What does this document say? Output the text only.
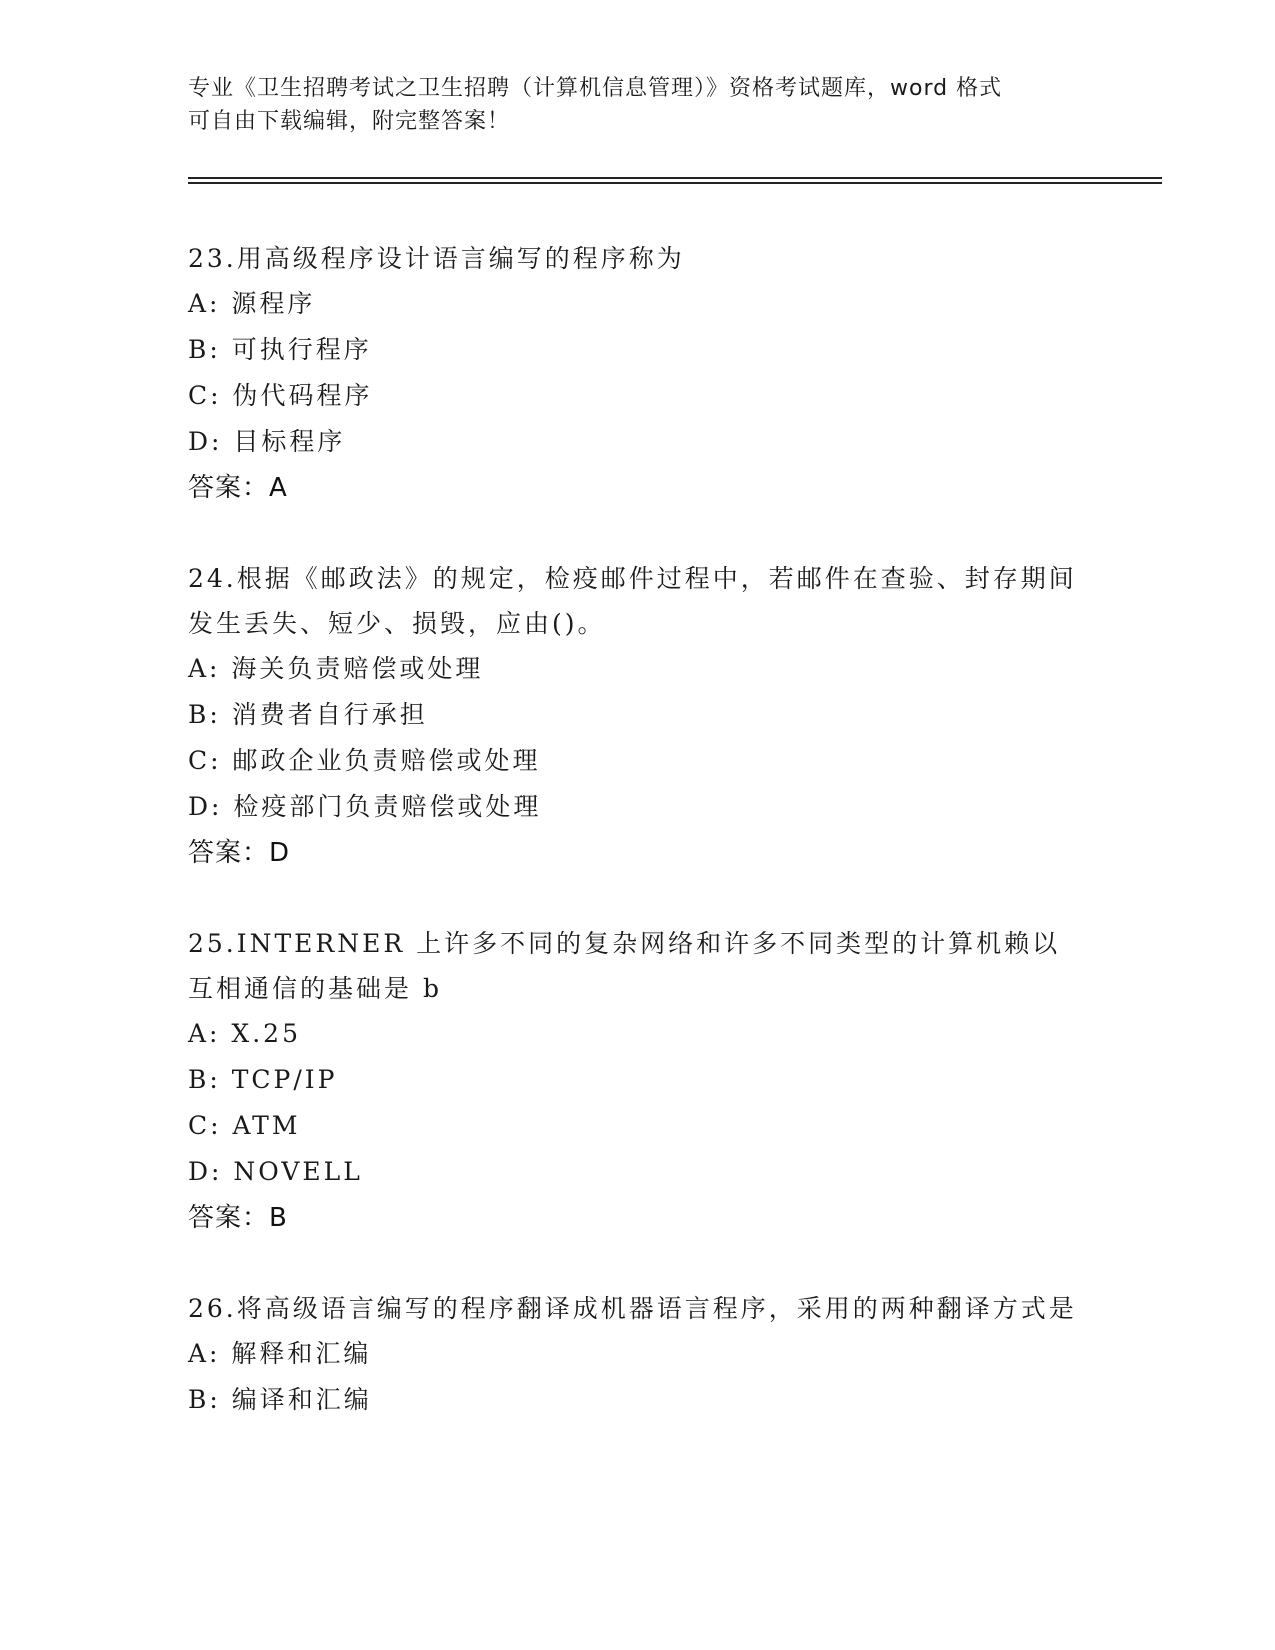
专业《卫生招聘考试之卫生招聘（计算机信息管理）》资格考试题库，word 格式
可自由下载编辑，附完整答案！
23.用高级程序设计语言编写的程序称为
A: 源程序
B: 可执行程序
C: 伪代码程序
D: 目标程序
答案：A
24.根据《邮政法》的规定，检疫邮件过程中，若邮件在查验、封存期间发生丢失、短少、损毁，应由()。
A: 海关负责赔偿或处理
B: 消费者自行承担
C: 邮政企业负责赔偿或处理
D: 检疫部门负责赔偿或处理
答案：D
25.INTERNER 上许多不同的复杂网络和许多不同类型的计算机赖以互相通信的基础是 b
A: X.25
B: TCP/IP
C: ATM
D: NOVELL
答案：B
26.将高级语言编写的程序翻译成机器语言程序，采用的两种翻译方式是
A: 解释和汇编
B: 编译和汇编
